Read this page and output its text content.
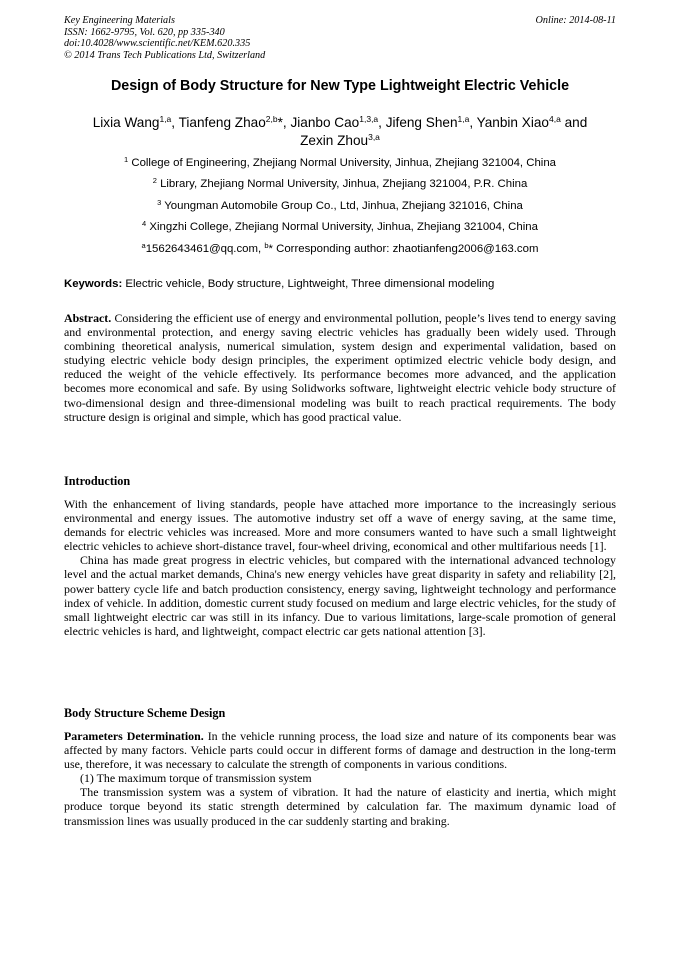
Key Engineering Materials
ISSN: 1662-9795, Vol. 620, pp 335-340
doi:10.4028/www.scientific.net/KEM.620.335
© 2014 Trans Tech Publications Ltd, Switzerland
Online: 2014-08-11
Design of Body Structure for New Type Lightweight Electric Vehicle
Lixia Wang$^{1,a}$, Tianfeng Zhao$^{2,b}$*, Jianbo Cao$^{1,3,a}$, Jifeng Shen$^{1,a}$, Yanbin Xiao$^{4,a}$ and
Zexin Zhou$^{3,a}$
$^1$ College of Engineering, Zhejiang Normal University, Jinhua, Zhejiang 321004, China
$^2$ Library, Zhejiang Normal University, Jinhua, Zhejiang 321004, P.R. China
$^3$ Youngman Automobile Group Co., Ltd, Jinhua, Zhejiang 321016, China
$^4$ Xingzhi College, Zhejiang Normal University, Jinhua, Zhejiang 321004, China
$^a$1562643461@qq.com, $^b$* Corresponding author: zhaotianfeng2006@163.com
Keywords: Electric vehicle, Body structure, Lightweight, Three dimensional modeling

Abstract. Considering the efficient use of energy and environmental pollution, people’s lives tend to energy saving and environmental protection, and energy saving electric vehicles has gradually been widely used. Through combining theoretical analysis, numerical simulation, system design and experimental validation, based on studying electric vehicle body design principles, the experiment optimized electric vehicle body design, and reduced the weight of the vehicle effectively. Its performance becomes more advanced, and the application becomes more economical and safe. By using Solidworks software, lightweight electric vehicle body structure of two-dimensional design and three-dimensional modeling was built to reach practical requirements. The body structure design is original and simple, which has good practical value.

Introduction

With the enhancement of living standards, people have attached more importance to the increasingly serious environmental and energy issues. The automotive industry set off a wave of energy saving, at the same time, demands for electric vehicles was increased. More and more consumers wanted to have such a small lightweight electric vehicles to achieve short-distance travel, four-wheel driving, economical and other multifarious needs [1].

China has made great progress in electric vehicles, but compared with the international advanced technology level and the actual market demands, China's new energy vehicles have great disparity in safety and reliability [2], power battery cycle life and batch production consistency, energy saving, lightweight technology and performance index of vehicle. In addition, domestic current study focused on medium and large electric vehicles, for the study of small lightweight electric car was still in its infancy. Due to various limitations, large-scale promotion of general electric vehicles is hard, and lightweight, compact electric car gets national attention [3].

Body Structure Scheme Design

Parameters Determination. In the vehicle running process, the load size and nature of its components bear was affected by many factors. Vehicle parts could occur in different forms of damage and destruction in the long-term use, therefore, it was necessary to calculate the strength of components in various conditions.

(1) The maximum torque of transmission system

The transmission system was a system of vibration. It had the nature of elasticity and inertia, which might produce torque beyond its static strength determined by calculation far. The maximum dynamic load of transmission lines was usually produced in the car suddenly starting and braking.
